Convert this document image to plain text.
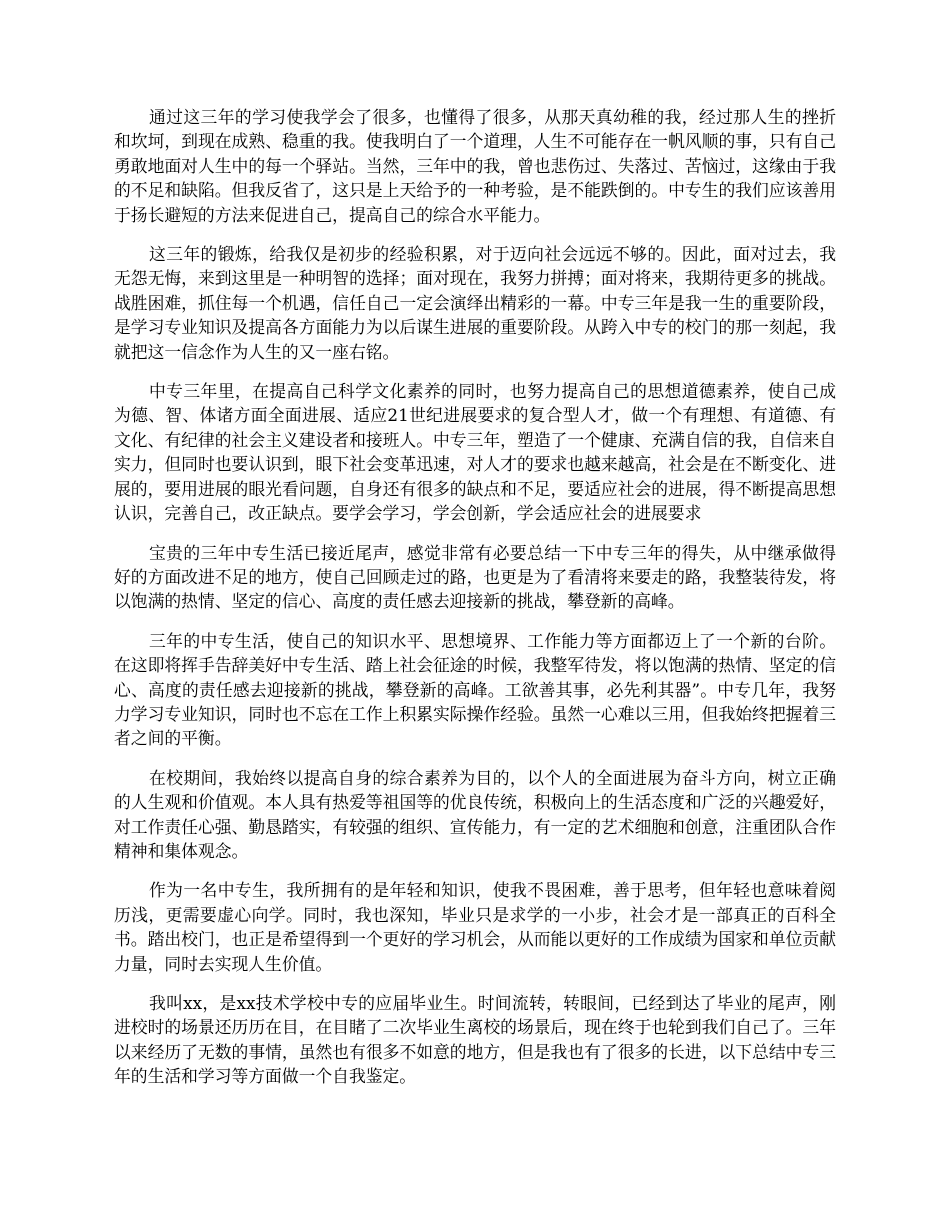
通过这三年的学习使我学会了很多，也懂得了很多，从那天真幼稚的我，经过那人生的挫折和坎坷，到现在成熟、稳重的我。使我明白了一个道理，人生不可能存在一帆风顺的事，只有自己勇敢地面对人生中的每一个驿站。当然，三年中的我，曾也悲伤过、失落过、苦恼过，这缘由于我的不足和缺陷。但我反省了，这只是上天给予的一种考验，是不能跌倒的。中专生的我们应该善用于扬长避短的方法来促进自己，提高自己的综合水平能力。

这三年的锻炼，给我仅是初步的经验积累，对于迈向社会远远不够的。因此，面对过去，我无怨无悔，来到这里是一种明智的选择；面对现在，我努力拼搏；面对将来，我期待更多的挑战。战胜困难，抓住每一个机遇，信任自己一定会演绎出精彩的一幕。中专三年是我一生的重要阶段，是学习专业知识及提高各方面能力为以后谋生进展的重要阶段。从跨入中专的校门的那一刻起，我就把这一信念作为人生的又一座右铭。

中专三年里，在提高自己科学文化素养的同时，也努力提高自己的思想道德素养，使自己成为德、智、体诸方面全面进展、适应21世纪进展要求的复合型人才，做一个有理想、有道德、有文化、有纪律的社会主义建设者和接班人。中专三年，塑造了一个健康、充满自信的我，自信来自实力，但同时也要认识到，眼下社会变革迅速，对人才的要求也越来越高，社会是在不断变化、进展的，要用进展的眼光看问题，自身还有很多的缺点和不足，要适应社会的进展，得不断提高思想认识，完善自己，改正缺点。要学会学习，学会创新，学会适应社会的进展要求

宝贵的三年中专生活已接近尾声，感觉非常有必要总结一下中专三年的得失，从中继承做得好的方面改进不足的地方，使自己回顾走过的路，也更是为了看清将来要走的路，我整装待发，将以饱满的热情、坚定的信心、高度的责任感去迎接新的挑战，攀登新的高峰。

三年的中专生活，使自己的知识水平、思想境界、工作能力等方面都迈上了一个新的台阶。在这即将挥手告辞美好中专生活、踏上社会征途的时候，我整军待发，将以饱满的热情、坚定的信心、高度的责任感去迎接新的挑战，攀登新的高峰。工欲善其事，必先利其器”。中专几年，我努力学习专业知识，同时也不忘在工作上积累实际操作经验。虽然一心难以三用，但我始终把握着三者之间的平衡。

在校期间，我始终以提高自身的综合素养为目的，以个人的全面进展为奋斗方向，树立正确的人生观和价值观。本人具有热爱等祖国等的优良传统，积极向上的生活态度和广泛的兴趣爱好，对工作责任心强、勤恳踏实，有较强的组织、宣传能力，有一定的艺术细胞和创意，注重团队合作精神和集体观念。

作为一名中专生，我所拥有的是年轻和知识，使我不畏困难，善于思考，但年轻也意味着阅历浅，更需要虚心向学。同时，我也深知，毕业只是求学的一小步，社会才是一部真正的百科全书。踏出校门，也正是希望得到一个更好的学习机会，从而能以更好的工作成绩为国家和单位贡献力量，同时去实现人生价值。

我叫xx，是xx技术学校中专的应届毕业生。时间流转，转眼间，已经到达了毕业的尾声，刚进校时的场景还历历在目，在目睹了二次毕业生离校的场景后，现在终于也轮到我们自己了。三年以来经历了无数的事情，虽然也有很多不如意的地方，但是我也有了很多的长进，以下总结中专三年的生活和学习等方面做一个自我鉴定。
